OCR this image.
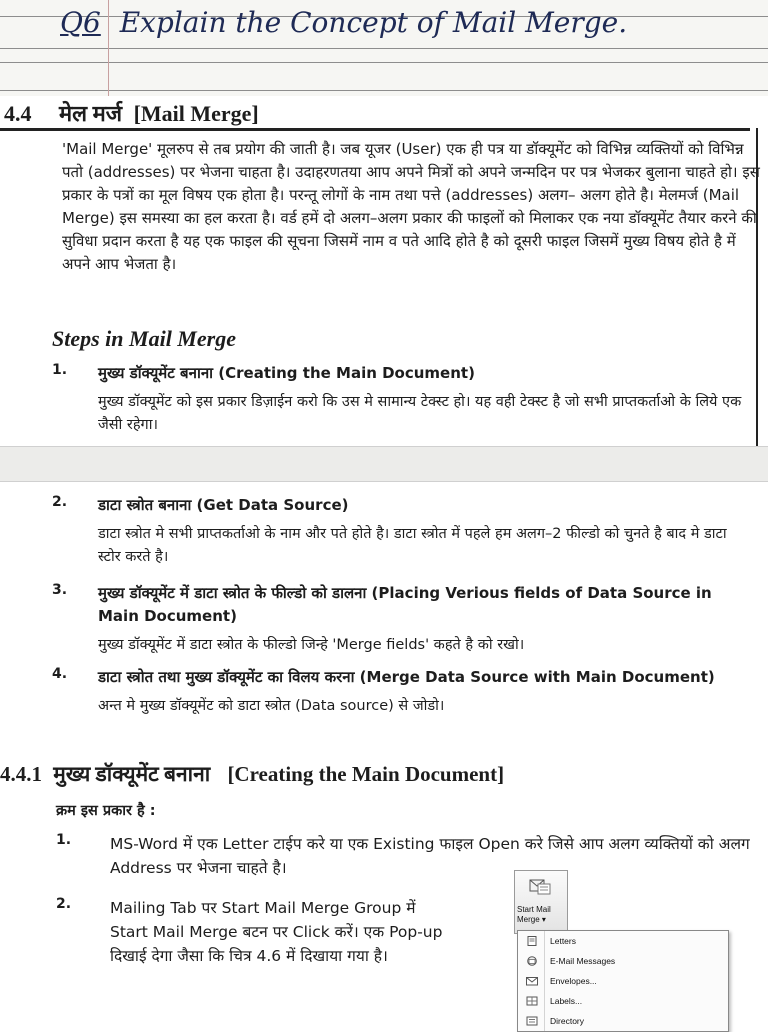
Q6 Explain the Concept of Mail Merge.
4.4 मेल मर्ज [Mail Merge]

'Mail Merge' मूलरुप से तब प्रयोग की जाती है। जब यूजर (User) एक ही पत्र या डॉक्यूमेंट को विभिन्न व्यक्तियों को विभिन्न पतो (addresses) पर भेजना चाहता है। उदाहरणतया आप अपने मित्रों को अपने जन्मदिन पर पत्र भेजकर बुलाना चाहते हो। इस प्रकार के पत्रों का मूल विषय एक होता है। परन्तू लोगों के नाम तथा पत्ते (addresses) अलग– अलग होते है। मेलमर्ज (Mail Merge) इस समस्या का हल करता है। वर्ड हमें दो अलग–अलग प्रकार की फाइलों को मिलाकर एक नया डॉक्यूमेंट तैयार करने की सुविधा प्रदान करता है यह एक फाइल की सूचना जिसमें नाम व पते आदि होते है को दूसरी फाइल जिसमें मुख्य विषय होते है में अपने आप भेजता है।

Steps in Mail Merge
1.	मुख्य डॉक्यूमेंट बनाना (Creating the Main Document)

मुख्य डॉक्यूमेंट को इस प्रकार डिज़ाईन करो कि उस मे सामान्य टेक्स्ट हो। यह वही टेक्स्ट है जो सभी प्राप्तकर्ताओ के लिये एक जैसी रहेगा।

2.	डाटा स्त्रोत बनाना (Get Data Source)

डाटा स्त्रोत मे सभी प्राप्तकर्ताओ के नाम और पते होते है। डाटा स्त्रोत में पहले हम अलग–2 फील्डो को चुनते है बाद मे डाटा स्टोर करते है।

3.	मुख्य डॉक्यूमेंट में डाटा स्त्रोत के फील्डो को डालना (Placing Verious fields of Data Source in Main Document)

मुख्य डॉक्यूमेंट में डाटा स्त्रोत के फील्डो जिन्हे 'Merge fields' कहते है को रखो।

4.	डाटा स्त्रोत तथा मुख्य डॉक्यूमेंट का विलय करना (Merge Data Source with Main Document)

अन्त मे मुख्य डॉक्यूमेंट को डाटा स्त्रोत (Data source) से जोडो।

4.4.1 मुख्य डॉक्यूमेंट बनाना [Creating the Main Document]
क्रम इस प्रकार है :
1.	MS-Word में एक Letter टाईप करे या एक Existing फाइल Open करे जिसे आप अलग व्यक्तियों को अलग Address पर भेजना चाहते है।

2.	Mailing Tab पर Start Mail Merge Group में Start Mail Merge बटन पर Click करें। एक Pop-up दिखाई देगा जैसा कि चित्र 4.6 में दिखाया गया है।

Start Mail Merge ▾
Letters
E-Mail Messages
Envelopes...
Labels...
Directory
